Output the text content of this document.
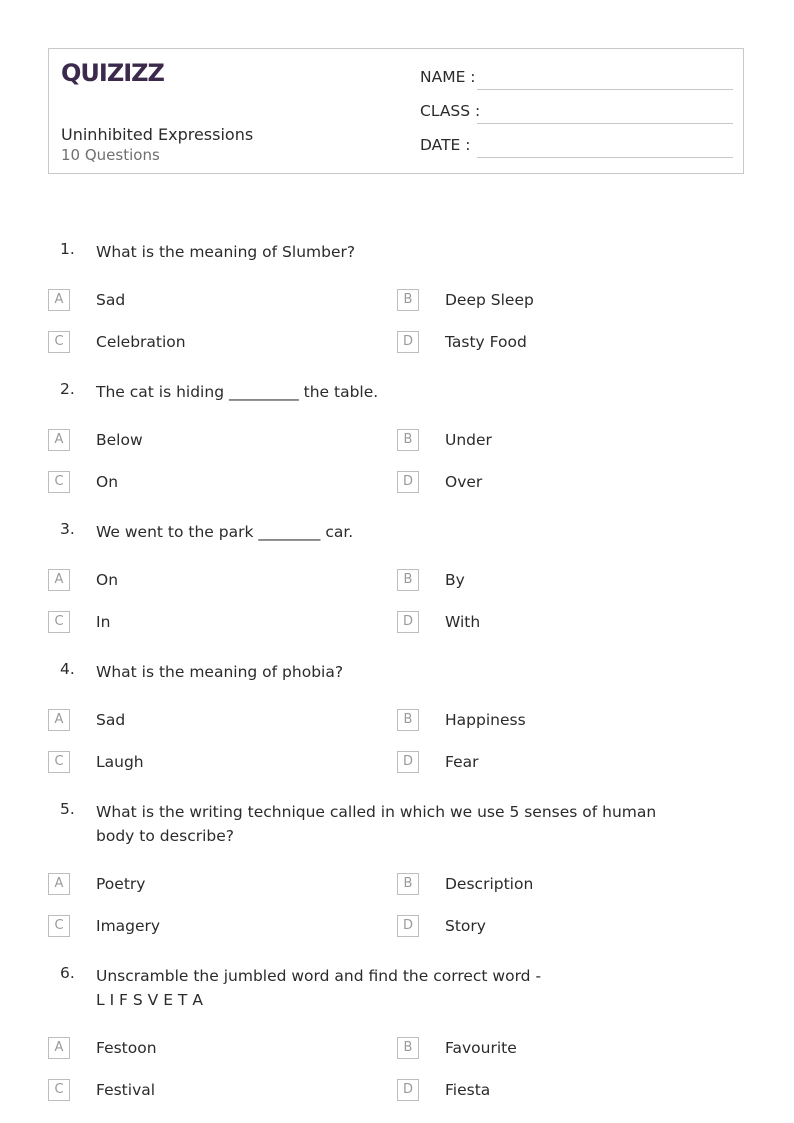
QUIZIZZ
Uninhibited Expressions
10 Questions
NAME :
CLASS :
DATE :
1. What is the meaning of Slumber?
A	Sad	B	Deep Sleep
C	Celebration	D	Tasty Food
2. The cat is hiding _________ the table.
A	Below	B	Under
C	On	D	Over
3. We went to the park ________ car.
A	On	B	By
C	In	D	With
4. What is the meaning of phobia?
A	Sad	B	Happiness
C	Laugh	D	Fear
5. What is the writing technique called in which we use 5 senses of human body to describe?
A	Poetry	B	Description
C	Imagery	D	Story
6. Unscramble the jumbled word and find the correct word -
L I F S V E T A
A	Festoon	B	Favourite
C	Festival	D	Fiesta
